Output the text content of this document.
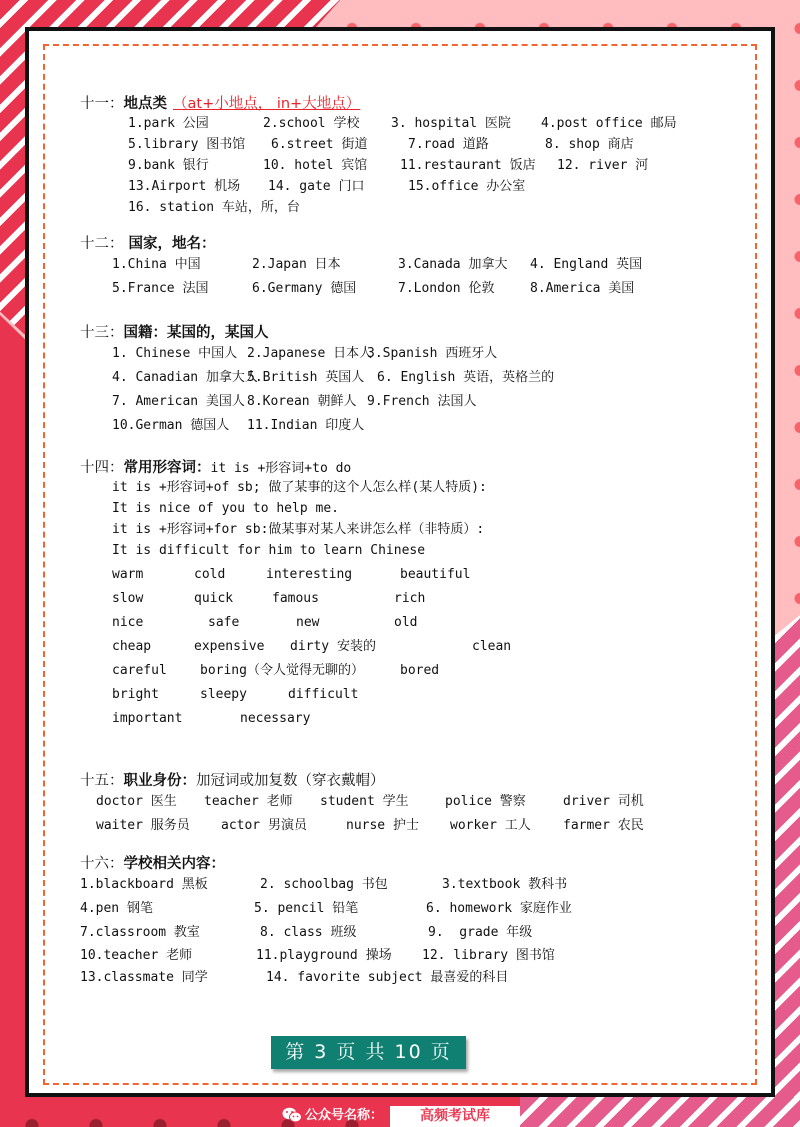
十一：地点类 （at+小地点， in+大地点）
1.park 公园	2.school 学校 3. hospital 医院 4.post office 邮局
5.library 图书馆 6.street 街道	7.road 道路	8. shop 商店
9.bank 银行	10. hotel 宾馆	11.restaurant 饭店 12. river 河
13.Airport 机场 14. gate 门口	15.office 办公室
16. station 车站，所，台
十二： 国家，地名：
1.China 中国	2.Japan 日本	3.Canada 加拿大 4. England 英国
5.France 法国	6.Germany 德国	7.London 伦敦	8.America 美国
十三：国籍：某国的，某国人
1. Chinese 中国人 2.Japanese 日本人3.Spanish 西班牙人
4. Canadian 加拿大人5.British 英国人 6. English 英语，英格兰的
7. American 美国人 8.Korean 朝鲜人 9.French 法国人
10.German 德国人 11.Indian 印度人
十四：常用形容词：it is +形容词+to do
it is +形容词+of sb; 做了某事的这个人怎么样(某人特质):
It is nice of you to help me.
it is +形容词+for sb:做某事对某人来讲怎么样（非特质）:
It is difficult for him to learn Chinese
warm	cold	interesting	beautiful
slow	quick	famous	rich
nice	safe	new	old
cheap	expensive dirty 安装的	clean
careful	boring（令人觉得无聊的）	bored
bright	sleepy	difficult
important	necessary
十五：职业身份：加冠词或加复数（穿衣戴帽）
doctor 医生 teacher 老师 student 学生	police 警察	driver 司机
waiter 服务员 actor 男演员	nurse 护士 worker 工人 farmer 农民
十六：学校相关内容：
1.blackboard 黑板	2. schoolbag 书包	3.textbook 教科书
4.pen 钢笔	5. pencil 铅笔	6. homework 家庭作业
7.classroom 教室	8. class 班级	9.  grade 年级
10.teacher 老师	11.playground 操场 12. library 图书馆
13.classmate 同学	14. favorite subject 最喜爱的科目
第 3 页 共 10 页
公众号名称：	高频考试库
